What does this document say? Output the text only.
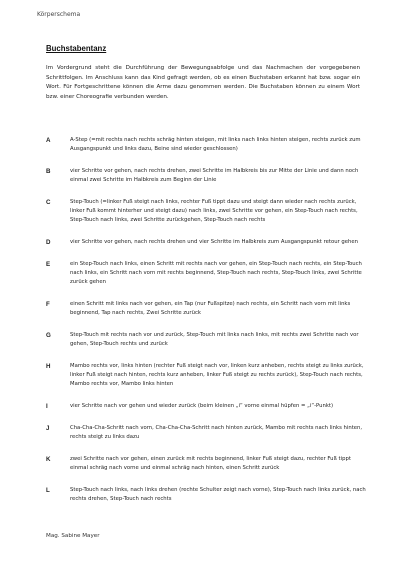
Körperschema
Buchstabentanz
Im Vordergrund steht die Durchführung der Bewegungsabfolge und das Nachmachen der vorgegebenen Schrittfolgen. Im Anschluss kann das Kind gefragt werden, ob es einen Buchstaben erkannt hat bzw. sogar ein Wort. Für Fortgeschrittene können die Arme dazu genommen werden. Die Buchstaben können zu einem Wort bzw. einer Choreografie verbunden werden.
A	A-Step (=mit rechts nach rechts schräg hinten steigen, mit links nach links hinten steigen, rechts zurück zum Ausgangspunkt und links dazu, Beine sind wieder geschlossen)
B	vier Schritte vor gehen, nach rechts drehen, zwei Schritte im Halbkreis bis zur Mitte der Linie und dann noch einmal zwei Schritte im Halbkreis zum Beginn der Linie
C	Step-Touch (=linker Fuß steigt nach links, rechter Fuß tippt dazu und steigt dann wieder nach rechts zurück, linker Fuß kommt hinterher und steigt dazu) nach links, zwei Schritte vor gehen, ein Step-Touch nach rechts, Step-Touch nach links, zwei Schritte zurückgehen, Step-Touch nach rechts
D	vier Schritte vor gehen, nach rechts drehen und vier Schritte im Halbkreis zum Ausgangspunkt retour gehen
E	ein Step-Touch nach links, einen Schritt mit rechts nach vor gehen, ein Step-Touch nach rechts, ein Step-Touch nach links, ein Schritt nach vorn mit rechts beginnend, Step-Touch nach rechts, Step-Touch links, zwei Schritte zurück gehen
F	einen Schritt mit links nach vor gehen, ein Tap (nur Fußspitze) nach rechts, ein Schritt nach vorn mit links beginnend, Tap nach rechts, Zwei Schritte zurück
G	Step-Touch mit rechts nach vor und zurück, Step-Touch mit links nach links, mit rechts zwei Schritte nach vor gehen, Step-Touch rechts und zurück
H	Mambo rechts vor, links hinten (rechter Fuß steigt nach vor, linken kurz anheben, rechts steigt zu links zurück, linker Fuß steigt nach hinten, rechts kurz anheben, linker Fuß steigt zu rechts zurück), Step-Touch nach rechts, Mambo rechts vor, Mambo links hinten
I	vier Schritte nach vor gehen und wieder zurück (beim kleinen „i“ vorne einmal hüpfen = „i“-Punkt)
J	Cha-Cha-Cha-Schritt nach vorn, Cha-Cha-Cha-Schritt nach hinten zurück, Mambo mit rechts nach links hinten, rechts steigt zu links dazu
K	zwei Schritte nach vor gehen, einen zurück mit rechts beginnend, linker Fuß steigt dazu, rechter Fuß tippt einmal schräg nach vorne und einmal schräg nach hinten, einen Schritt zurück
L	Step-Touch nach links, nach links drehen (rechte Schulter zeigt nach vorne), Step-Touch nach links zurück, nach rechts drehen, Step-Touch nach rechts
Mag. Sabine Mayer
